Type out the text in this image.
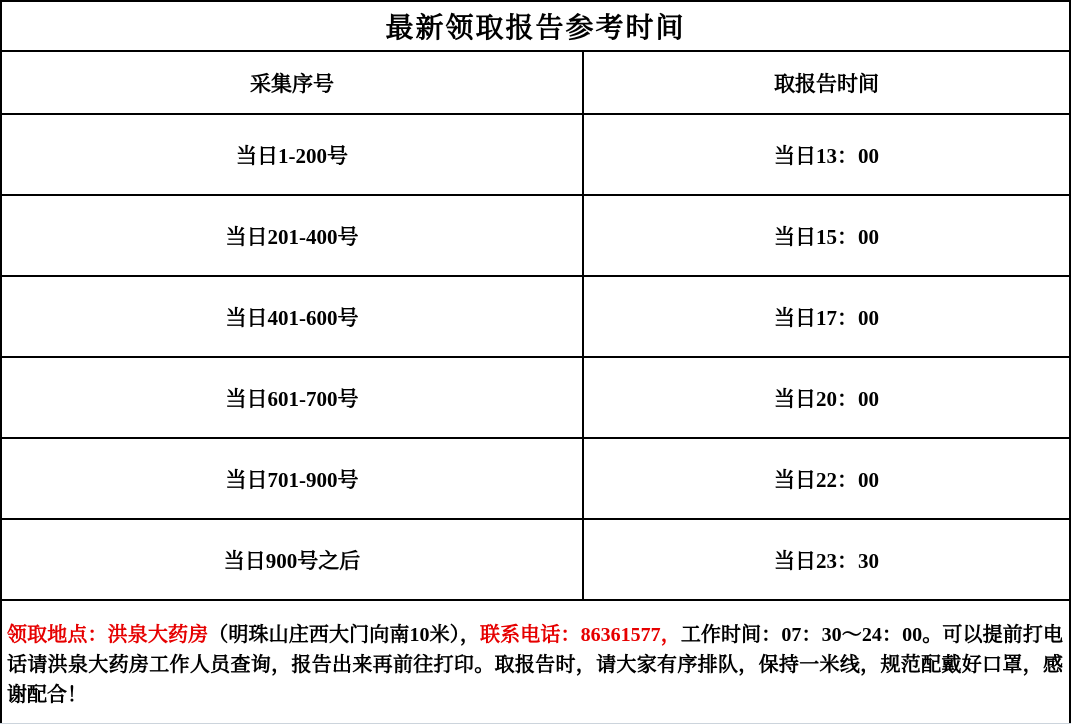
最新领取报告参考时间
采集序号	取报告时间
当日1-200号	当日13：00
当日201-400号	当日15：00
当日401-600号	当日17：00
当日601-700号	当日20：00
当日701-900号	当日22：00
当日900号之后	当日23：30
领取地点：洪泉大药房（明珠山庄西大门向南10米），联系电话：86361577，工作时间：07：30～24：00。可以提前打电话请洪泉大药房工作人员查询，报告出来再前往打印。取报告时，请大家有序排队，保持一米线，规范配戴好口罩，感谢配合！
